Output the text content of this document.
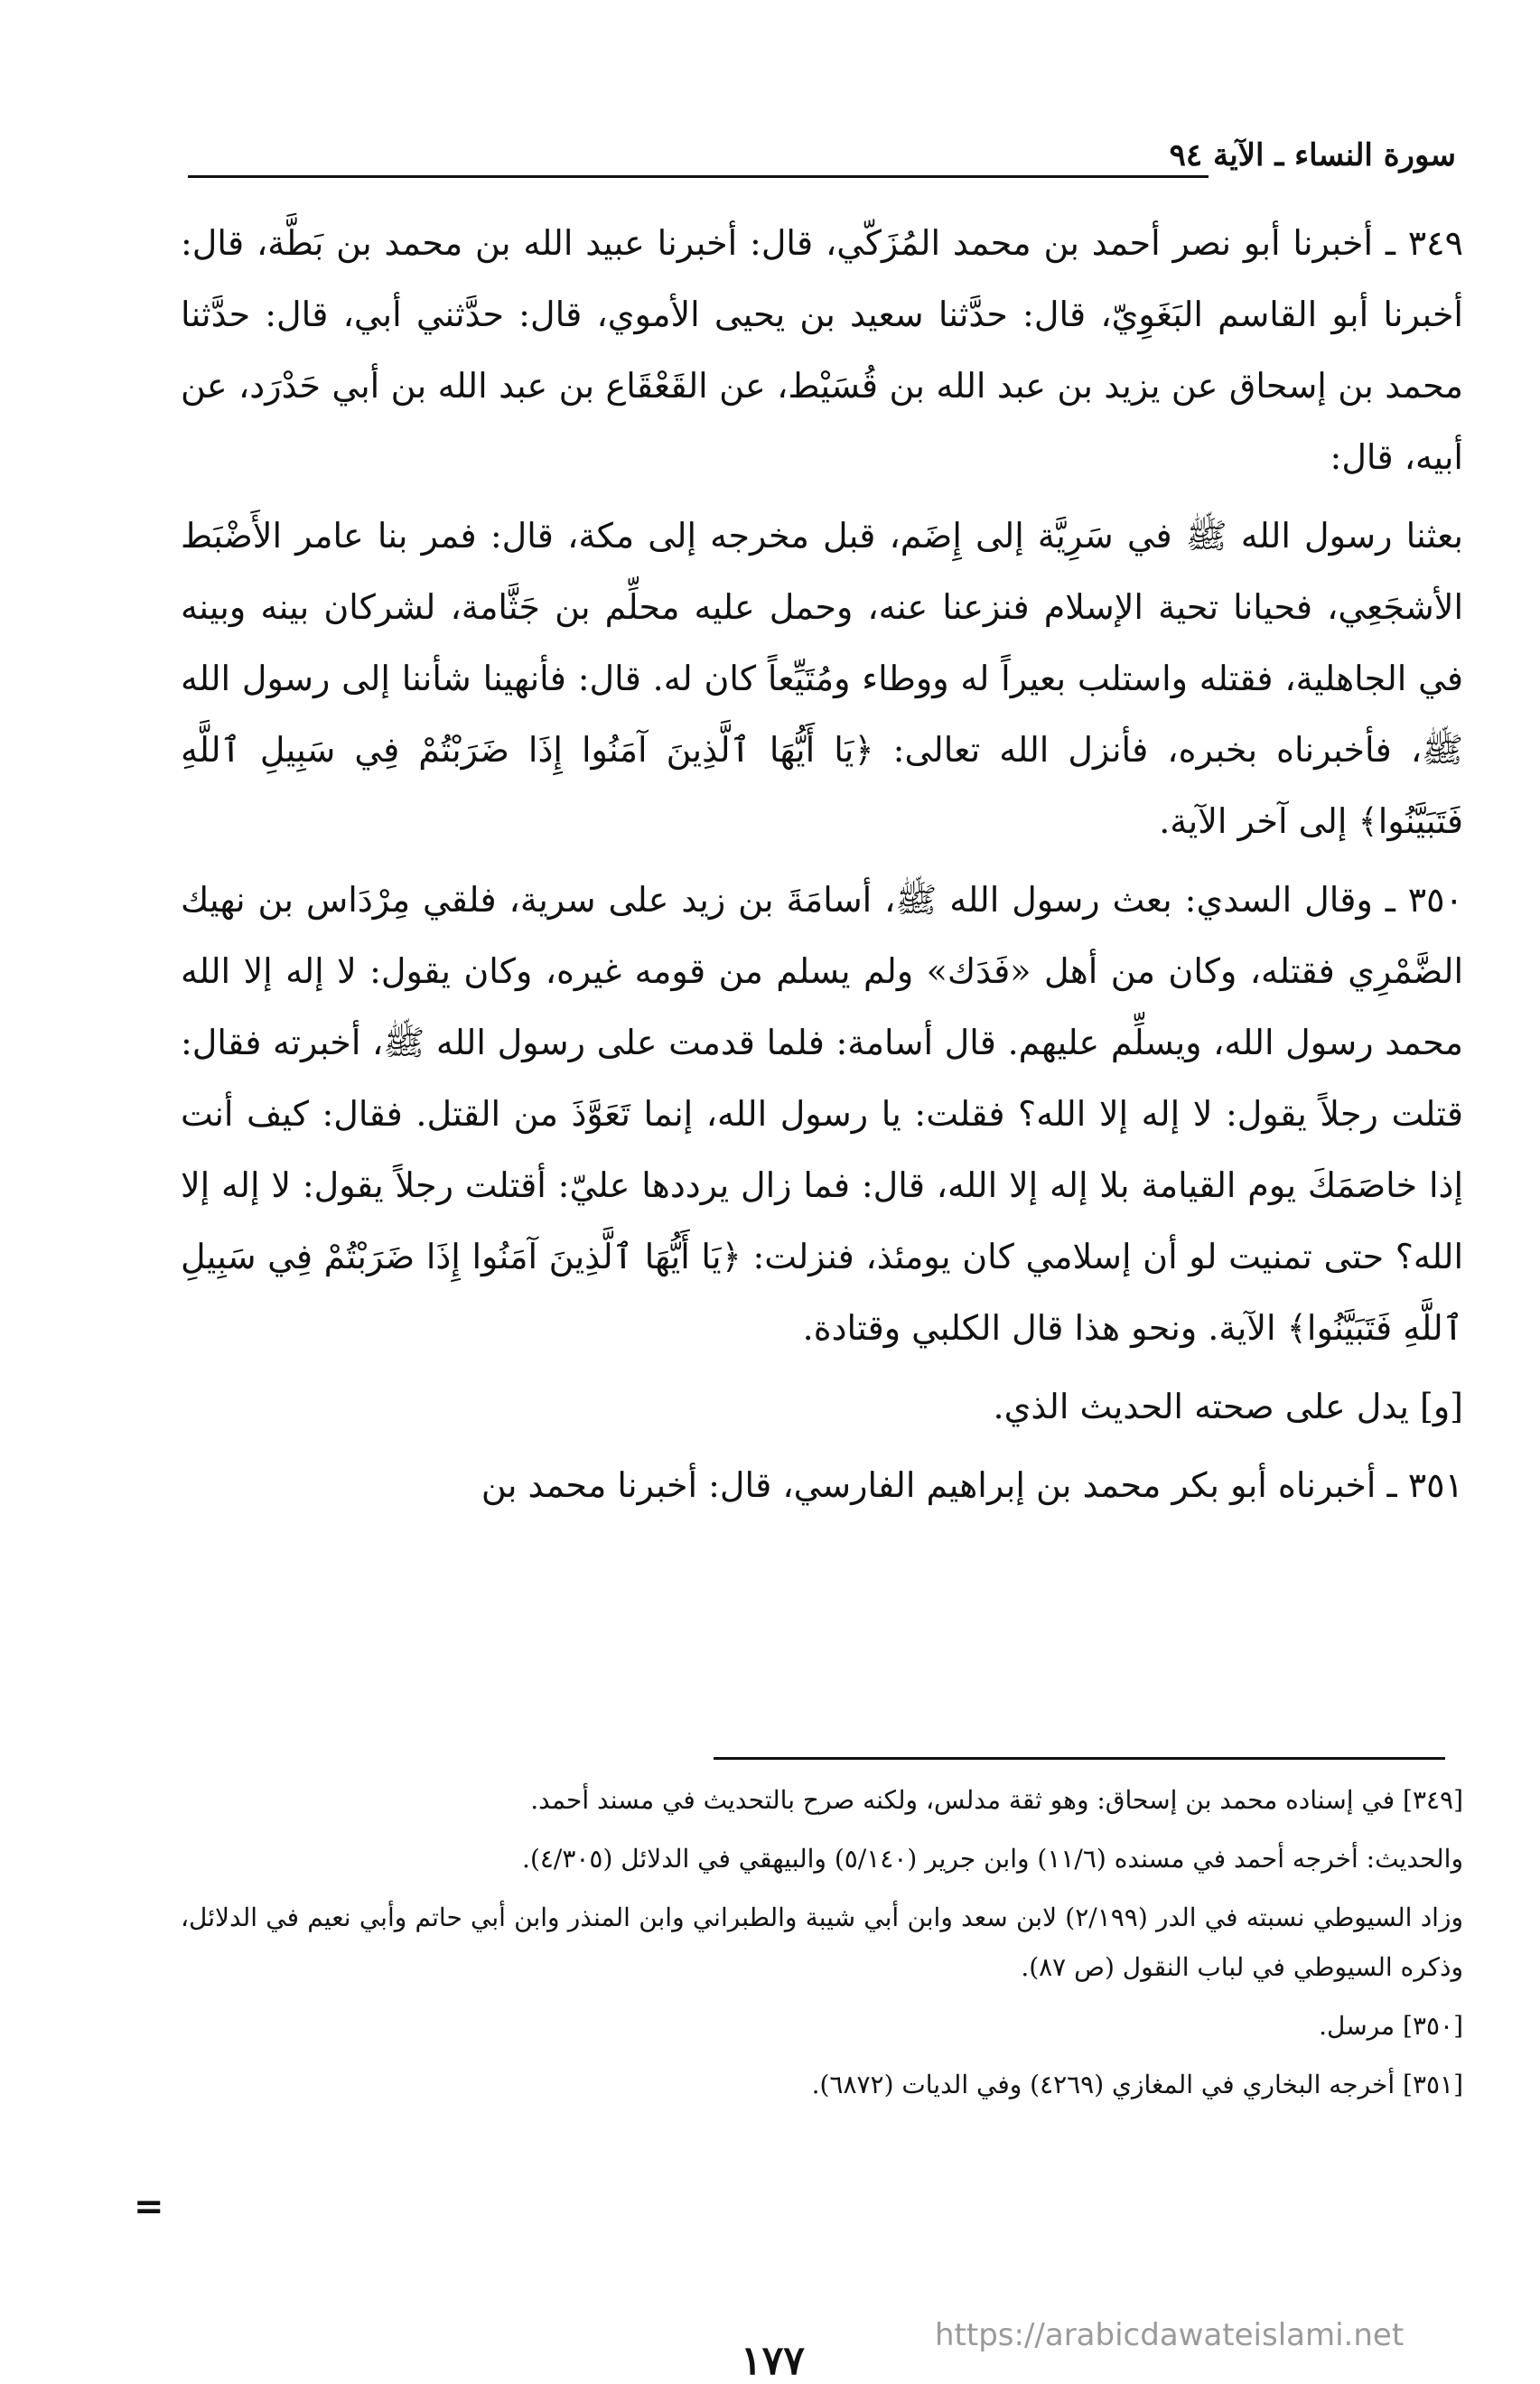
سورة النساء ـ الآية ٩٤

٣٤٩ ـ أخبرنا أبو نصر أحمد بن محمد المُزَكّي، قال: أخبرنا عبيد الله بن محمد بن بَطَّة، قال: أخبرنا أبو القاسم البَغَوِيّ، قال: حدَّثنا سعيد بن يحيى الأموي، قال: حدَّثني أبي، قال: حدَّثنا محمد بن إسحاق عن يزيد بن عبد الله بن قُسَيْط، عن القَعْقَاع بن عبد الله بن أبي حَدْرَد، عن أبيه، قال:

بعثنا رسول الله ﷺ في سَرِيَّة إلى إِضَم، قبل مخرجه إلى مكة، قال: فمر بنا عامر الأَضْبَط الأشجَعِي، فحيانا تحية الإسلام فنزعنا عنه، وحمل عليه محلِّم بن جَثَّامة، لشركان بينه وبينه في الجاهلية، فقتله واستلب بعيراً له ووطاء ومُتَيِّعاً كان له. قال: فأنهينا شأننا إلى رسول الله ﷺ، فأخبرناه بخبره، فأنزل الله تعالى: ﴿يَا أَيُّهَا ٱلَّذِينَ آمَنُوا إِذَا ضَرَبْتُمْ فِي سَبِيلِ ٱللَّهِ فَتَبَيَّنُوا﴾ إلى آخر الآية.

٣٥٠ ـ وقال السدي: بعث رسول الله ﷺ، أسامَةَ بن زيد على سرية، فلقي مِرْدَاس بن نهيك الضَّمْرِي فقتله، وكان من أهل «فَدَك» ولم يسلم من قومه غيره، وكان يقول: لا إله إلا الله محمد رسول الله، ويسلِّم عليهم. قال أسامة: فلما قدمت على رسول الله ﷺ، أخبرته فقال: قتلت رجلاً يقول: لا إله إلا الله؟ فقلت: يا رسول الله، إنما تَعَوَّذَ من القتل. فقال: كيف أنت إذا خاصَمَكَ يوم القيامة بلا إله إلا الله، قال: فما زال يرددها عليّ: أقتلت رجلاً يقول: لا إله إلا الله؟ حتى تمنيت لو أن إسلامي كان يومئذ، فنزلت: ﴿يَا أَيُّهَا ٱلَّذِينَ آمَنُوا إِذَا ضَرَبْتُمْ فِي سَبِيلِ ٱللَّهِ فَتَبَيَّنُوا﴾ الآية. ونحو هذا قال الكلبي وقتادة.

[و] يدل على صحته الحديث الذي.

٣٥١ ـ أخبرناه أبو بكر محمد بن إبراهيم الفارسي، قال: أخبرنا محمد بن

[٣٤٩] في إسناده محمد بن إسحاق: وهو ثقة مدلس، ولكنه صرح بالتحديث في مسند أحمد.

والحديث: أخرجه أحمد في مسنده (١١/٦) وابن جرير (٥/١٤٠) والبيهقي في الدلائل (٤/٣٠٥).

وزاد السيوطي نسبته في الدر (٢/١٩٩) لابن سعد وابن أبي شيبة والطبراني وابن المنذر وابن أبي حاتم وأبي نعيم في الدلائل، وذكره السيوطي في لباب النقول (ص ٨٧).

[٣٥٠] مرسل.

[٣٥١] أخرجه البخاري في المغازي (٤٢٦٩) وفي الديات (٦٨٧٢).

=
https://arabicdawateislami.net
١٧٧
